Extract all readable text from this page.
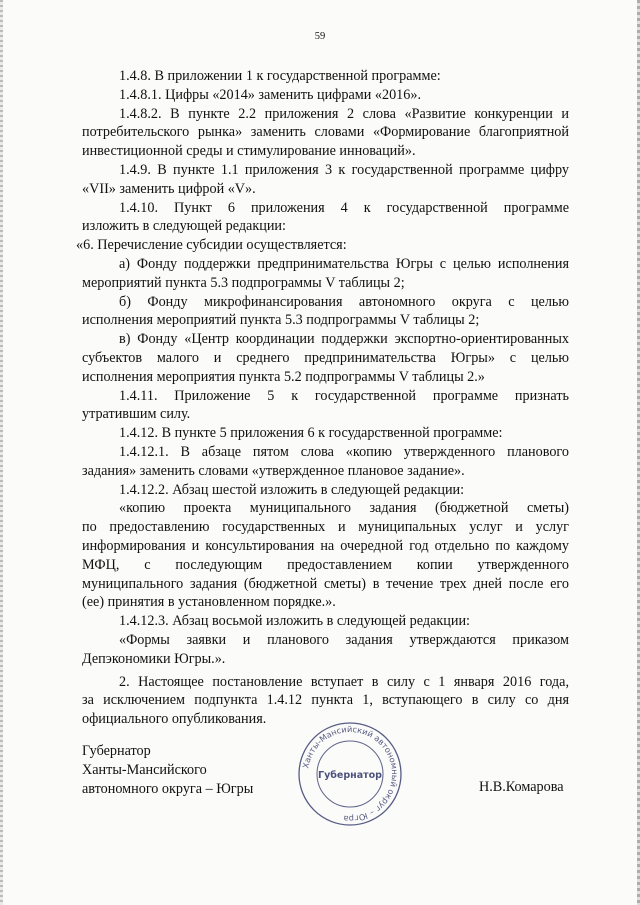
59

1.4.8. В приложении 1 к государственной программе:

1.4.8.1. Цифры «2014» заменить цифрами «2016».

1.4.8.2. В пункте 2.2 приложения 2 слова «Развитие конкуренции и

потребительского рынка» заменить словами «Формирование благоприятной

инвестиционной среды и стимулирование инноваций».

1.4.9. В пункте 1.1 приложения 3 к государственной программе цифру

«VII» заменить цифрой «V».

1.4.10. Пункт 6 приложения 4 к государственной программе

изложить в следующей редакции:

«6. Перечисление субсидии осуществляется:

а) Фонду поддержки предпринимательства Югры с целью исполнения

мероприятий пункта 5.3 подпрограммы V таблицы 2;

б) Фонду микрофинансирования автономного округа с целью

исполнения мероприятий пункта 5.3 подпрограммы V таблицы 2;

в) Фонду «Центр координации поддержки экспортно-ориентированных

субъектов малого и среднего предпринимательства Югры» с целью

исполнения мероприятия пункта 5.2 подпрограммы V таблицы 2.»

1.4.11. Приложение 5 к государственной программе признать

утратившим силу.

1.4.12. В пункте 5 приложения 6 к государственной программе:

1.4.12.1. В абзаце пятом слова «копию утвержденного планового

задания» заменить словами «утвержденное плановое задание».

1.4.12.2. Абзац шестой изложить в следующей редакции:

«копию проекта муниципального задания (бюджетной сметы)

по предоставлению государственных и муниципальных услуг и услуг

информирования и консультирования на очередной год отдельно по каждому

МФЦ, с последующим предоставлением копии утвержденного

муниципального задания (бюджетной сметы) в течение трех дней после его

(ее) принятия в установленном порядке.».

1.4.12.3. Абзац восьмой изложить в следующей редакции:

«Формы заявки и планового задания утверждаются приказом

Депэкономики Югры.».

2. Настоящее постановление вступает в силу с 1 января 2016 года,

за исключением подпункта 1.4.12 пункта 1, вступающего в силу со дня

официального опубликования.

Губернатор
Ханты-Мансийского
автономного округа – Югры
Ханты-Мансийский автономный округ – Югра
Губернатор
Н.В.Комарова
